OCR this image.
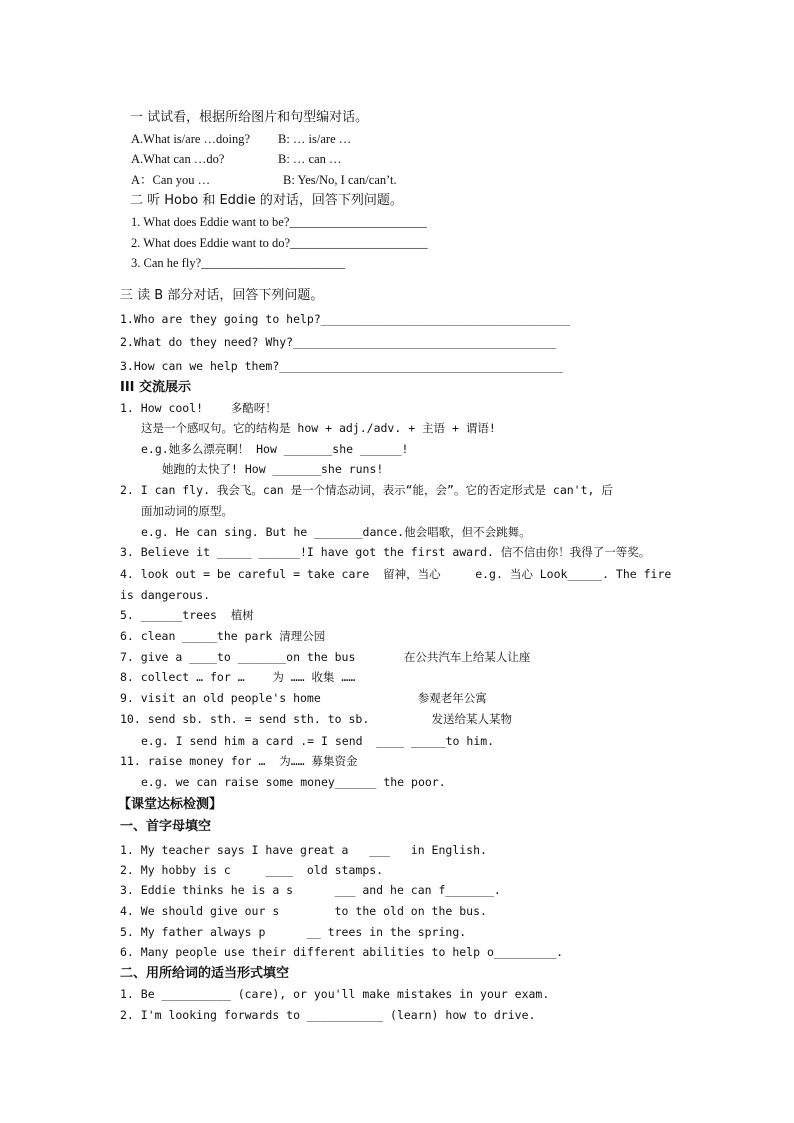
一 试试看，根据所给图片和句型编对话。
A.What is/are …doing? B: … is/are …
A.What can …do?	B: … can …
A：Can you …	B: Yes/No, I can/can’t.
二 听 Hobo 和 Eddie 的对话，回答下列问题。
1. What does Eddie want to be?______________________
2. What does Eddie want to do?______________________
3. Can he fly?_______________________
三 读 B 部分对话，回答下列问题。
1.Who are they going to help?____________________________________
2.What do they need? Why?______________________________________
3.How can we help them?_________________________________________
III 交流展示
1. How cool!    多酷呀！
这是一个感叹句。它的结构是 how + adj./adv. + 主语 + 谓语!
e.g.她多么漂亮啊！ How _______she ______!
她跑的太快了! How _______she runs!
2. I can fly. 我会飞。can 是一个情态动词，表示“能，会”。它的否定形式是 can't, 后
面加动词的原型。
e.g. He can sing. But he _______dance.他会唱歌，但不会跳舞。
3. Believe it _____ ______!I have got the first award. 信不信由你！我得了一等奖。
4. look out = be careful = take care  留神，当心     e.g. 当心 Look_____. The fire
is dangerous.
5. ______trees  植树
6. clean _____the park 清理公园
7. give a ____to _______on the bus       在公共汽车上给某人让座
8. collect … for …    为 …… 收集 ……
9. visit an old people's home              参观老年公寓
10. send sb. sth. = send sth. to sb.         发送给某人某物
e.g. I send him a card .= I send  ____ _____to him.
11. raise money for …  为…… 募集资金
e.g. we can raise some money______ the poor.
【课堂达标检测】
一、首字母填空
1. My teacher says I have great a   ___   in English.
2. My hobby is c     ____  old stamps.
3. Eddie thinks he is a s      ___ and he can f_______.
4. We should give our s        to the old on the bus.
5. My father always p      __ trees in the spring.
6. Many people use their different abilities to help o_________.
二、用所给词的适当形式填空
1. Be __________ (care), or you'll make mistakes in your exam.
2. I'm looking forwards to ___________ (learn) how to drive.
